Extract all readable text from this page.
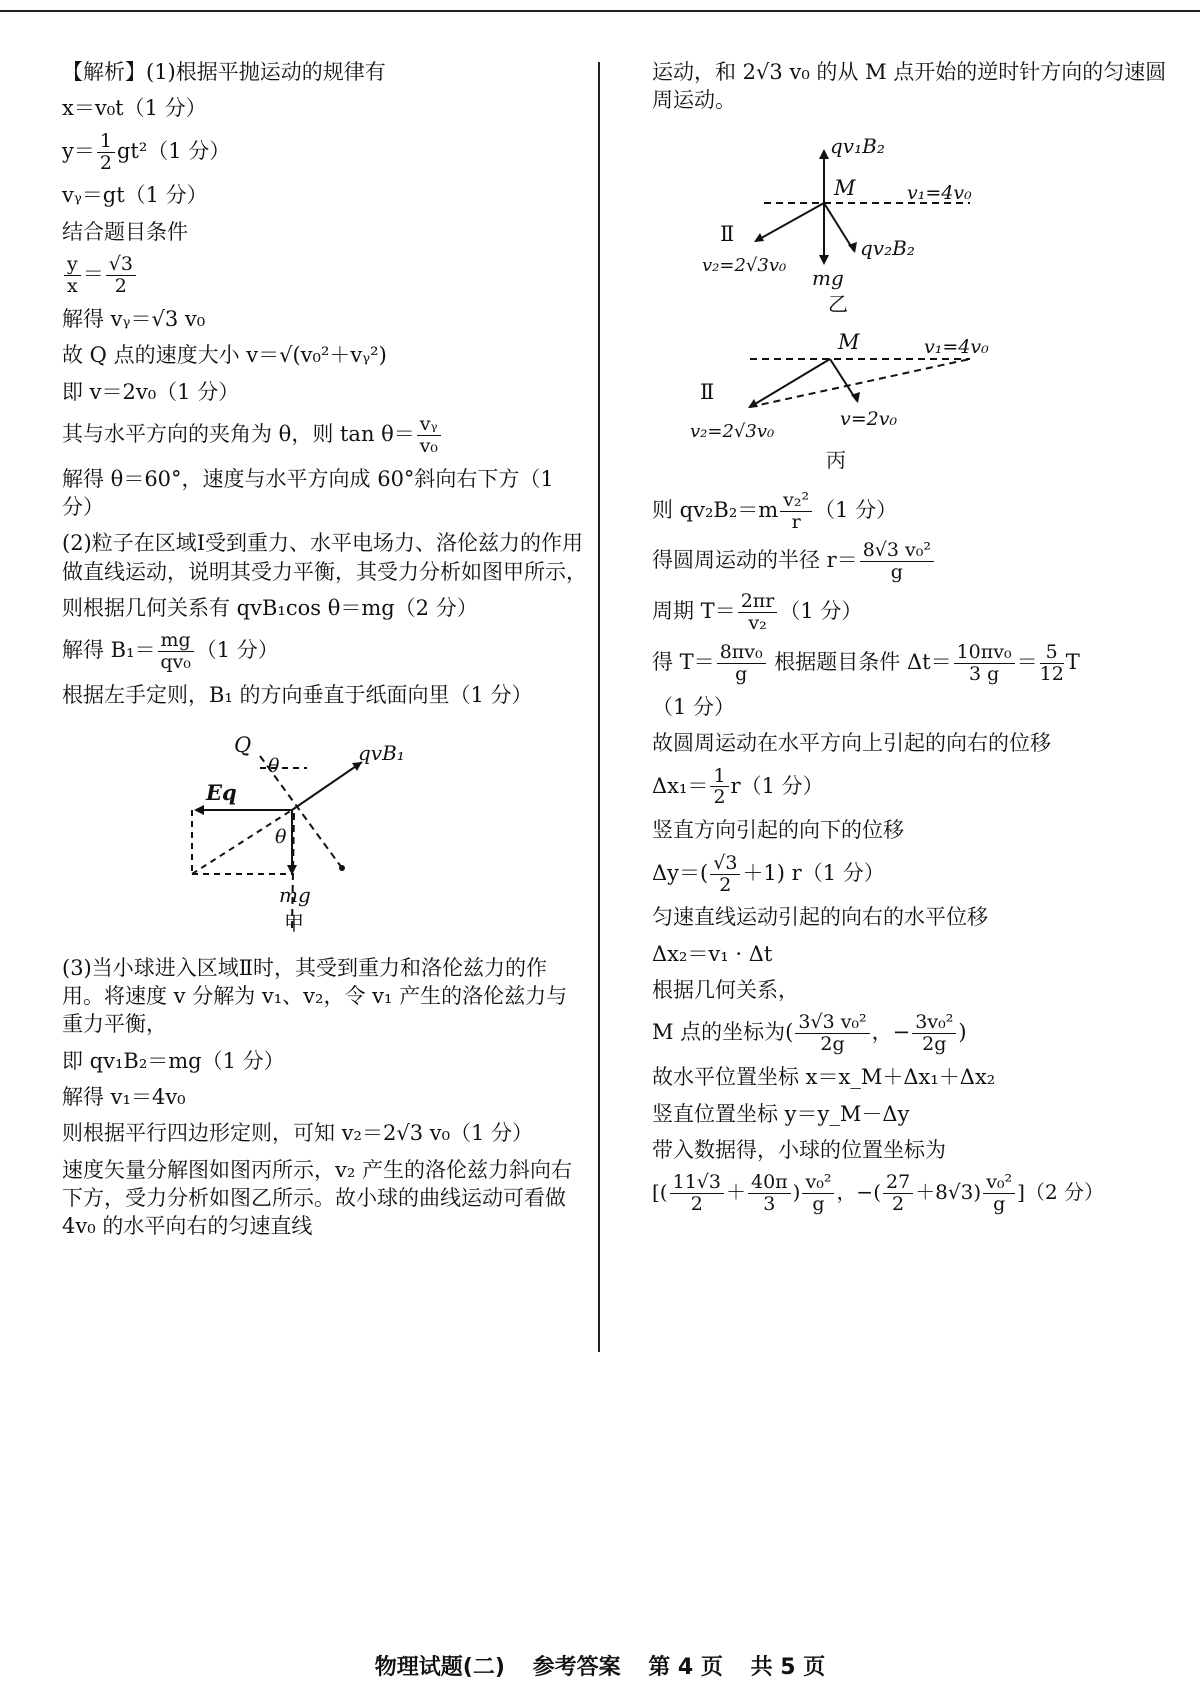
【解析】(1)根据平抛运动的规律有

x＝v₀t（1 分）

$y= \frac{1}{2} gt^2(1$ 分）

vᵧ＝gt（1 分）

结合题目条件

$\frac{y}{x} = \frac{√3}{2}$

解得 vᵧ＝√3 v₀

故 Q 点的速度大小 v＝√(v₀²＋vᵧ²)

即 v＝2v₀（1 分）

其与水平方向的夹角为 θ，则 $\tan \theta= \frac{\text{vᵧ}}{\text{v₀}}$

解得 θ＝60°，速度与水平方向成 60°斜向右下方（1 分）

(2)粒子在区域Ⅰ受到重力、水平电场力、洛伦兹力的作用做直线运动，说明其受力平衡，其受力分析如图甲所示，

则根据几何关系有 qvB₁cos θ＝mg（2 分）

解得 $B_1= \frac{mg}{\text{qv₀}} (1$ 分）

根据左手定则，B₁ 的方向垂直于纸面向里（1 分）

Q
θ
qvB₁
Eq
θ
mg
甲

(3)当小球进入区域Ⅱ时，其受到重力和洛伦兹力的作用。将速度 v 分解为 v₁、v₂，令 v₁ 产生的洛伦兹力与重力平衡，

即 qv₁B₂＝mg（1 分）

解得 v₁＝4v₀

则根据平行四边形定则，可知 v₂＝2√3 v₀（1 分）

速度矢量分解图如图丙所示，v₂ 产生的洛伦兹力斜向右下方，受力分析如图乙所示。故小球的曲线运动可看做 4v₀ 的水平向右的匀速直线

运动，和 2√3 v₀ 的从 M 点开始的逆时针方向的匀速圆周运动。

qv₁B₂
M	v₁=4v₀
Ⅱ
qv₂B₂
v₂=2√3v₀
mg
乙
M	v₁=4v₀
Ⅱ
v₂=2√3v₀
v=2v₀
丙

则 $qv_2B_2=m \frac{\text{v₂²}}{r} (1$ 分）

得圆周运动的半径 $r= \frac{\text{8√3 v₀²}}{g}$

周期 $T= \frac{2\pi r}{\text{v₂}} (1$ 分）

得 $T= \frac{\text{8πv₀}}{g}$ 根据题目条件 $\Delta t= \frac{\text{10πv₀}}{3 g} = \frac{5}{12}$ T

（1 分）

故圆周运动在水平方向上引起的向右的位移

$\Delta x_1= \frac{1}{2} r(1$ 分）

竖直方向引起的向下的位移

$\Delta y=( \frac{√3}{2} +1)$ r（1 分）

匀速直线运动引起的向右的水平位移

Δx₂＝v₁ · Δt

根据几何关系，

M 点的坐标为( $\frac{\text{3√3 v₀²}}{2g}$ ，− $\frac{\text{3v₀²}}{2g}$ )

故水平位置坐标 x＝x_M＋Δx₁＋Δx₂

竖直位置坐标 y＝y_M－Δy

带入数据得，小球的位置坐标为

[( $\frac{11√3}{2} + \frac{40\pi}{3}$ ) $\frac{\text{v₀²}}{g}$ ，−( $\frac{27}{2} +8√3) \frac{\text{v₀²}}{g} ](2$ 分）

物理试题(二) 参考答案 第 4 页 共 5 页
